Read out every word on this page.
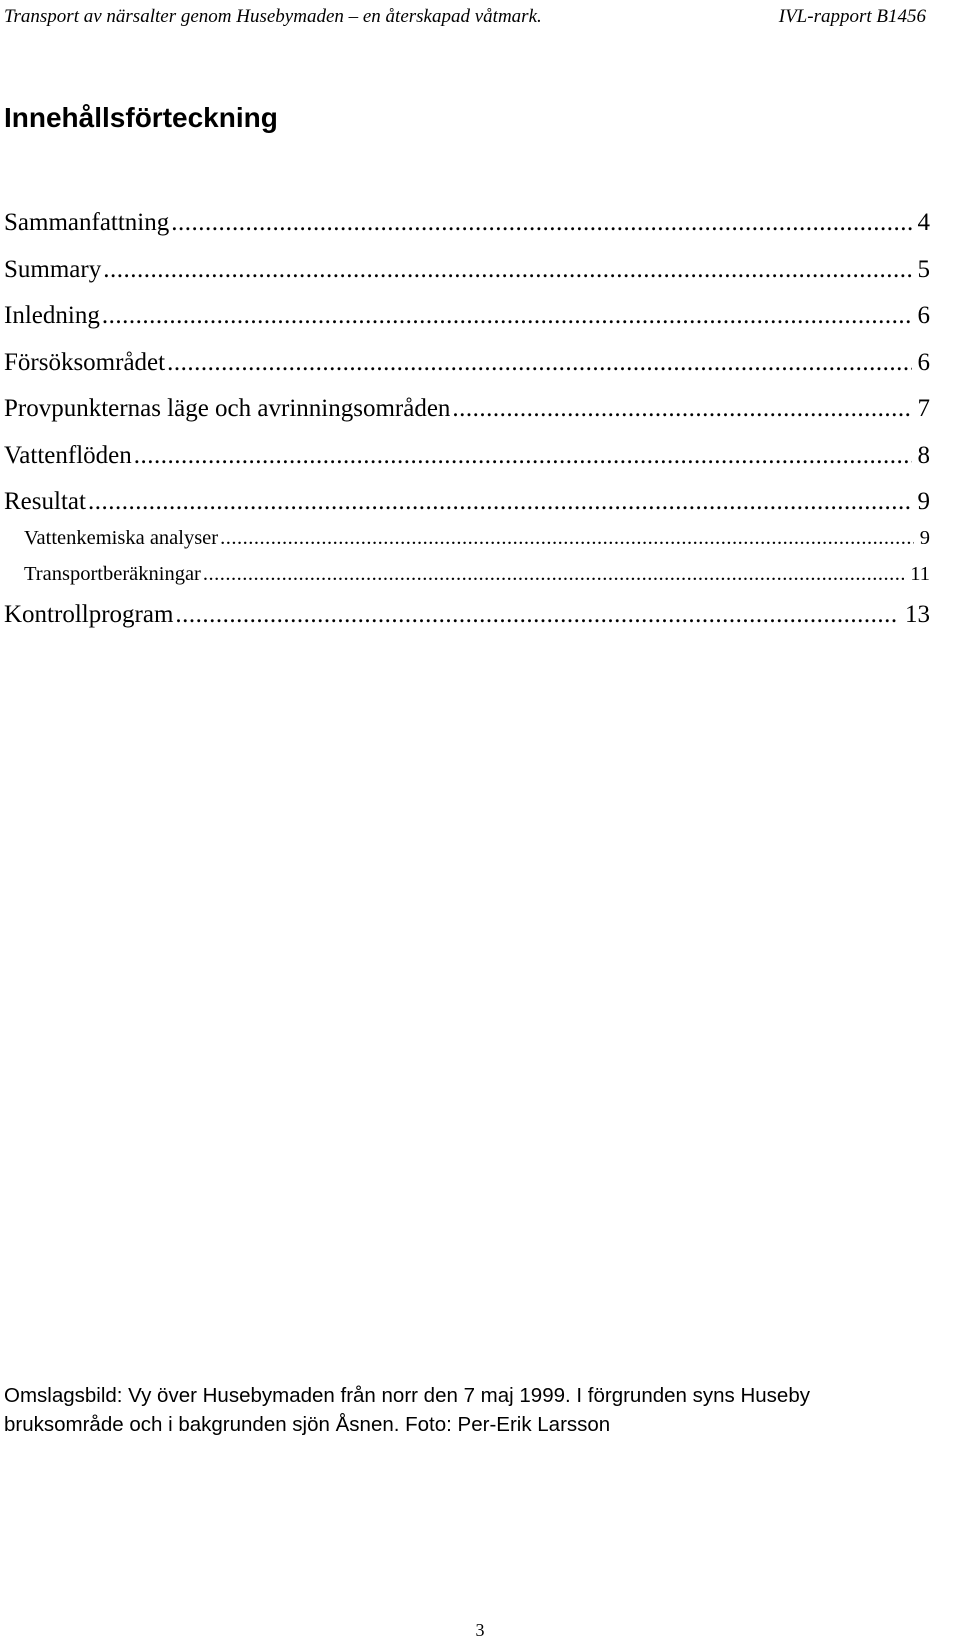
Transport av närsalter genom Husebymaden – en återskapad våtmark.	IVL-rapport B1456
Innehållsförteckning
Sammanfattning .....	4
Summary .....	5
Inledning .....	6
Försöksområdet .....	6
Provpunkternas läge och avrinningsområden .....	7
Vattenflöden .....	8
Resultat .....	9
Vattenkemiska analyser .....	9
Transportberäkningar .....	11
Kontrollprogram .....	13
Omslagsbild: Vy över Husebymaden från norr den 7 maj 1999. I förgrunden syns Huseby
bruksområde och i bakgrunden sjön Åsnen. Foto: Per-Erik Larsson
3
